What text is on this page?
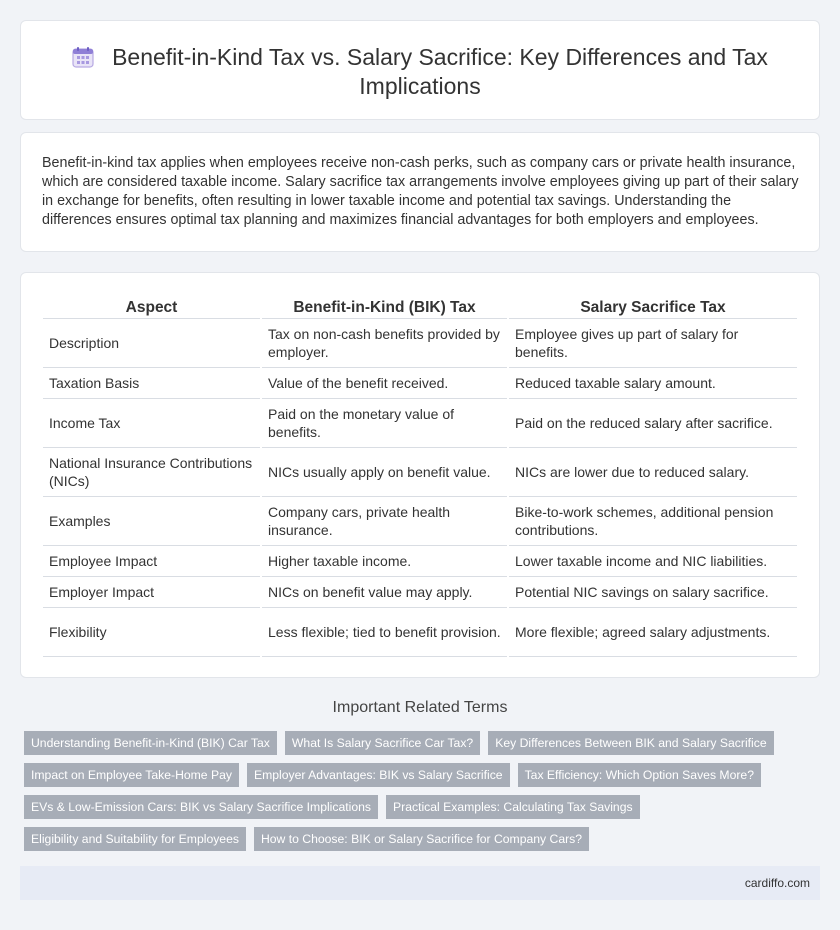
Benefit-in-Kind Tax vs. Salary Sacrifice: Key Differences and Tax Implications

Benefit-in-kind tax applies when employees receive non-cash perks, such as company cars or private health insurance, which are considered taxable income. Salary sacrifice tax arrangements involve employees giving up part of their salary in exchange for benefits, often resulting in lower taxable income and potential tax savings. Understanding the differences ensures optimal tax planning and maximizes financial advantages for both employers and employees.

Aspect	Benefit-in-Kind (BIK) Tax	Salary Sacrifice Tax
Description	Tax on non-cash benefits provided by employer.	Employee gives up part of salary for benefits.
Taxation Basis	Value of the benefit received.	Reduced taxable salary amount.
Income Tax	Paid on the monetary value of benefits.	Paid on the reduced salary after sacrifice.
National Insurance Contributions (NICs)	NICs usually apply on benefit value.	NICs are lower due to reduced salary.
Examples	Company cars, private health insurance.	Bike-to-work schemes, additional pension contributions.
Employee Impact	Higher taxable income.	Lower taxable income and NIC liabilities.
Employer Impact	NICs on benefit value may apply.	Potential NIC savings on salary sacrifice.
Flexibility	Less flexible; tied to benefit provision.	More flexible; agreed salary adjustments.
Important Related Terms
Understanding Benefit-in-Kind (BIK) Car Tax	What Is Salary Sacrifice Car Tax?	Key Differences Between BIK and Salary Sacrifice
Impact on Employee Take-Home Pay	Employer Advantages: BIK vs Salary Sacrifice	Tax Efficiency: Which Option Saves More?
EVs & Low-Emission Cars: BIK vs Salary Sacrifice Implications	Practical Examples: Calculating Tax Savings
Eligibility and Suitability for Employees	How to Choose: BIK or Salary Sacrifice for Company Cars?
cardiffo.com
